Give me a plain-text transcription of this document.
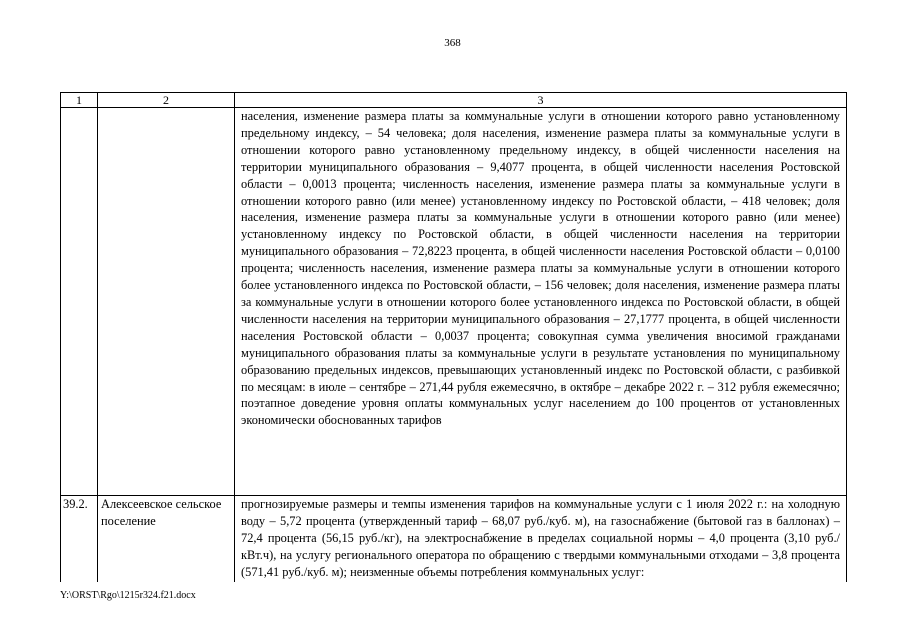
368
1	2	3

		населения, изменение размера платы за коммунальные услуги в отношении которого равно установленному предельному индексу, – 54 человека; доля населения, изменение размера платы за коммунальные услуги в отношении которого равно установленному предельному индексу, в общей численности населения на территории муниципального образования – 9,4077 процента, в общей численности населения Ростовской области – 0,0013 процента; численность населения, изменение размера платы за коммунальные услуги в отношении которого равно (или менее) установленному индексу по Ростовской области, – 418 человек; доля населения, изменение размера платы за коммунальные услуги в отношении которого равно (или менее) установленному индексу по Ростовской области, в общей численности населения на территории муниципального образования – 72,8223 процента, в общей численности населения Ростовской области – 0,0100 процента; численность населения, изменение размера платы за коммунальные услуги в отношении которого более установленного индекса по Ростовской области, – 156 человек; доля населения, изменение размера платы за коммунальные услуги в отношении которого более установленного индекса по Ростовской области, в общей численности населения на территории муниципального образования – 27,1777 процента, в общей численности населения Ростовской области – 0,0037 процента; совокупная сумма увеличения вносимой гражданами муниципального образования платы за коммунальные услуги в результате установления по муниципальному образованию предельных индексов, превышающих установленный индекс по Ростовской области, с разбивкой по месяцам: в июле – сентябре – 271,44 рубля ежемесячно, в октябре – декабре 2022 г. – 312 рубля ежемесячно; поэтапное доведение уровня оплаты коммунальных услуг населением до 100 процентов от установленных экономически обоснованных тарифов

39.2.	Алексеевское сельское поселение	прогнозируемые размеры и темпы изменения тарифов на коммунальные услуги с 1 июля 2022 г.: на холодную воду – 5,72 процента (утвержденный тариф – 68,07 руб./куб. м), на газоснабжение (бытовой газ в баллонах) – 72,4 процента (56,15 руб./кг), на электроснабжение в пределах социальной нормы – 4,0 процента (3,10 руб./кВт.ч), на услугу регионального оператора по обращению с твердыми коммунальными отходами – 3,8 процента (571,41 руб./куб. м); неизменные объемы потребления коммунальных услуг:
Y:\ORST\Rgo\1215r324.f21.docx
